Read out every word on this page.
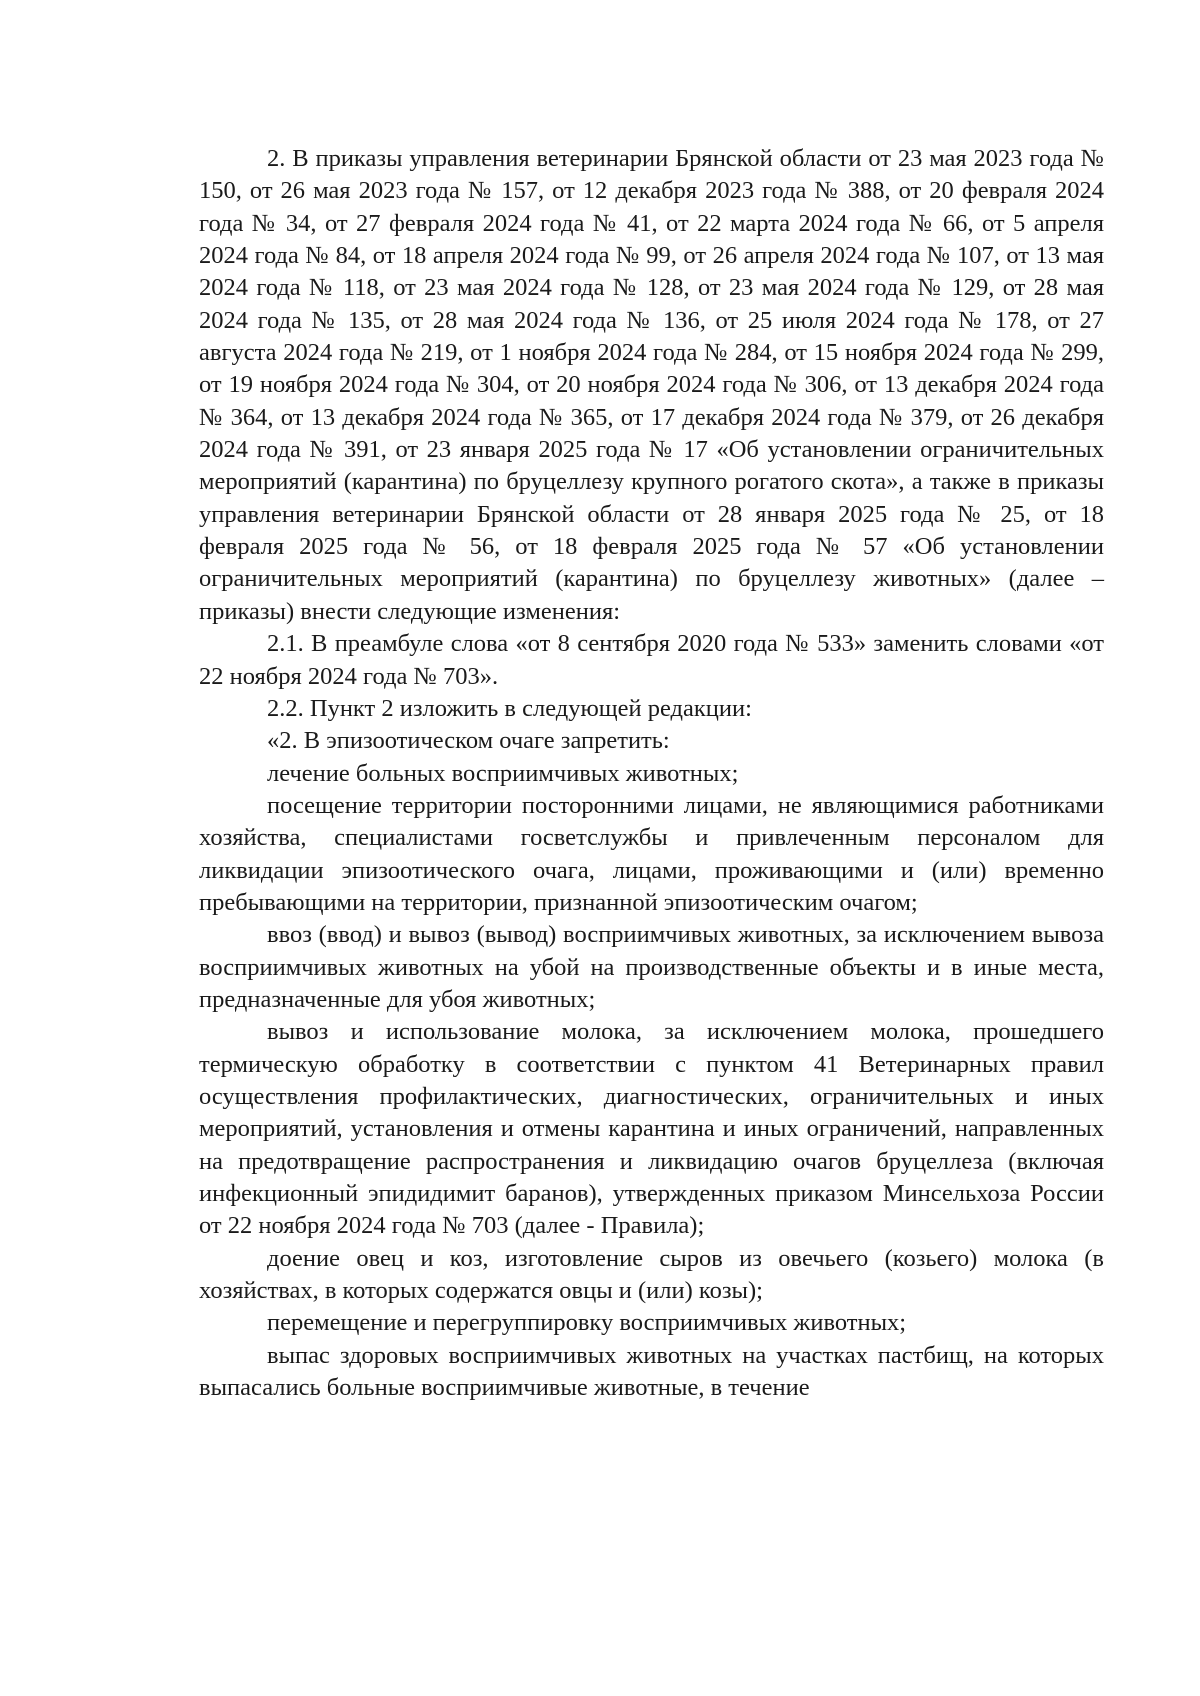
2. В приказы управления ветеринарии Брянской области от 23 мая 2023 года № 150, от 26 мая 2023 года № 157, от 12 декабря 2023 года № 388, от 20 февраля 2024 года № 34, от 27 февраля 2024 года № 41, от 22 марта 2024 года № 66, от 5 апреля 2024 года № 84, от 18 апреля 2024 года № 99, от 26 апреля 2024 года № 107, от 13 мая 2024 года № 118, от 23 мая 2024 года № 128, от 23 мая 2024 года № 129, от 28 мая 2024 года № 135, от 28 мая 2024 года № 136, от 25 июля 2024 года № 178, от 27 августа 2024 года № 219, от 1 ноября 2024 года № 284, от 15 ноября 2024 года № 299, от 19 ноября 2024 года № 304, от 20 ноября 2024 года № 306, от 13 декабря 2024 года № 364, от 13 декабря 2024 года № 365, от 17 декабря 2024 года № 379, от 26 декабря 2024 года № 391, от 23 января 2025 года № 17 «Об установлении ограничительных мероприятий (карантина) по бруцеллезу крупного рогатого скота», а также в приказы управления ветеринарии Брянской области от 28 января 2025 года № 25, от 18 февраля 2025 года № 56, от 18 февраля 2025 года № 57 «Об установлении ограничительных мероприятий (карантина) по бруцеллезу животных» (далее – приказы) внести следующие изменения:

2.1. В преамбуле слова «от 8 сентября 2020 года № 533» заменить словами «от 22 ноября 2024 года № 703».

2.2. Пункт 2 изложить в следующей редакции:

«2. В эпизоотическом очаге запретить:

лечение больных восприимчивых животных;

посещение территории посторонними лицами, не являющимися работниками хозяйства, специалистами госветслужбы и привлеченным персоналом для ликвидации эпизоотического очага, лицами, проживающими и (или) временно пребывающими на территории, признанной эпизоотическим очагом;

ввоз (ввод) и вывоз (вывод) восприимчивых животных, за исключением вывоза восприимчивых животных на убой на производственные объекты и в иные места, предназначенные для убоя животных;

вывоз и использование молока, за исключением молока, прошедшего термическую обработку в соответствии с пунктом 41 Ветеринарных правил осуществления профилактических, диагностических, ограничительных и иных мероприятий, установления и отмены карантина и иных ограничений, направленных на предотвращение распространения и ликвидацию очагов бруцеллеза (включая инфекционный эпидидимит баранов), утвержденных приказом Минсельхоза России от 22 ноября 2024 года № 703 (далее - Правила);

доение овец и коз, изготовление сыров из овечьего (козьего) молока (в хозяйствах, в которых содержатся овцы и (или) козы);

перемещение и перегруппировку восприимчивых животных;

выпас здоровых восприимчивых животных на участках пастбищ, на которых выпасались больные восприимчивые животные, в течение
